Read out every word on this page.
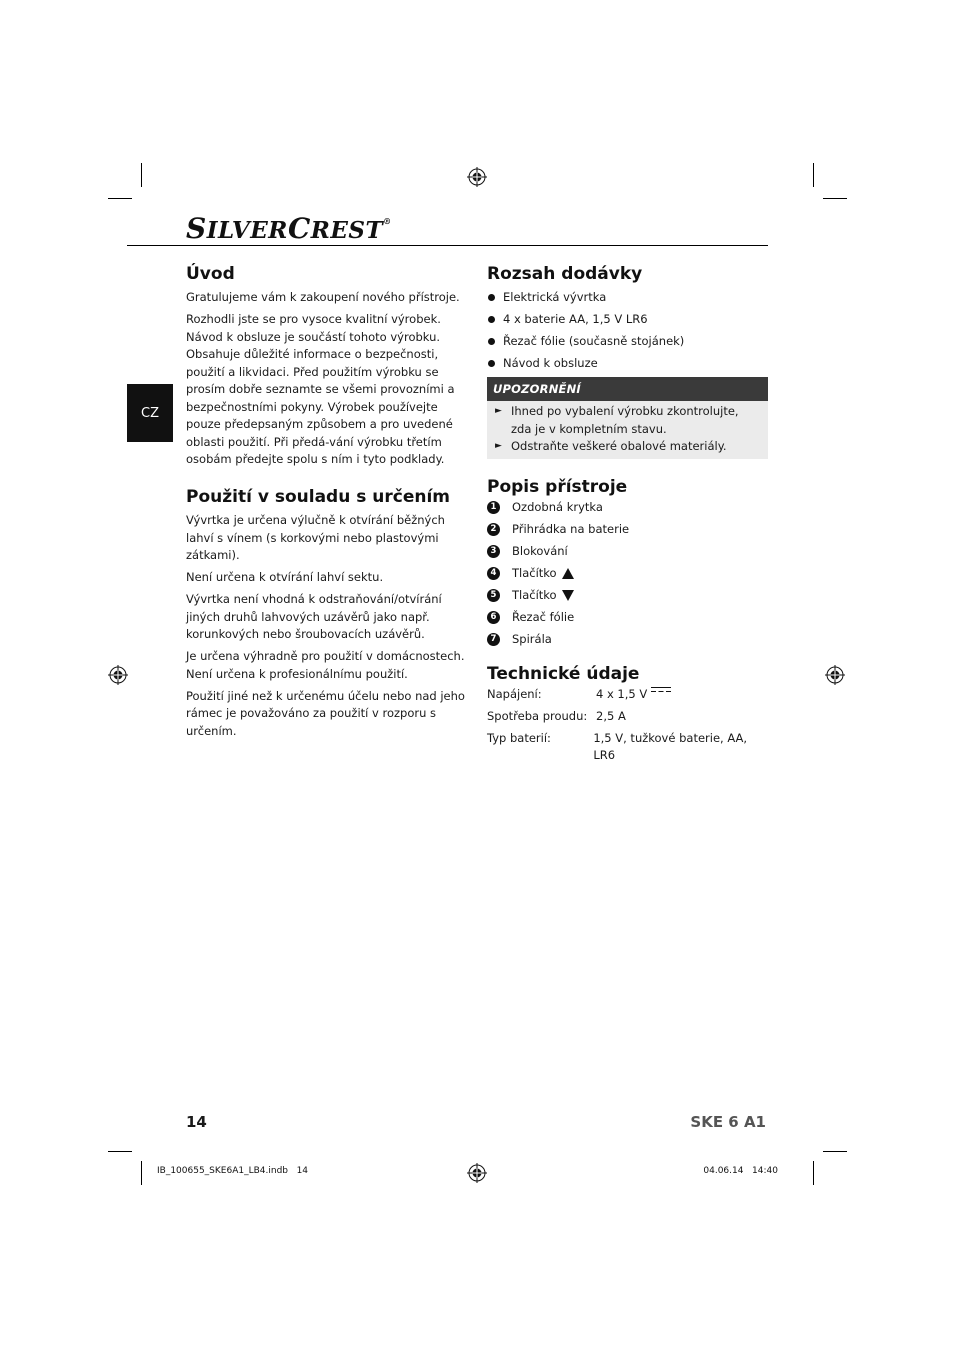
SILVERCREST®
CZ
Úvod

Gratulujeme vám k zakoupení nového přístroje.

Rozhodli jste se pro vysoce kvalitní výrobek. Návod k obsluze je součástí tohoto výrobku. Obsahuje důležité informace o bezpečnosti, použití a likvidaci. Před použitím výrobku se prosím dobře seznamte se všemi provozními a bezpečnostními pokyny. Výrobek používejte pouze předepsaným způsobem a pro uvedené oblasti použití. Při předá-vání výrobku třetím osobám předejte spolu s ním i tyto podklady.

Použití v souladu s určením

Vývrtka je určena výlučně k otvírání běžných lahví s vínem (s korkovými nebo plastovými zátkami).

Není určena k otvírání lahví sektu.

Vývrtka není vhodná k odstraňování/otvírání jiných druhů lahvových uzávěrů jako např. korunkových nebo šroubovacích uzávěrů.

Je určena výhradně pro použití v domácnostech. Není určena k profesionálnímu použití.

Použití jiné než k určenému účelu nebo nad jeho rámec je považováno za použití v rozporu s určením.

Rozsah dodávky
Elektrická vývrtka
4 x baterie AA, 1,5 V LR6
Řezač fólie (současně stojánek)
Návod k obsluze
UPOZORNĚNÍ
► Ihned po vybalení výrobku zkontrolujte, zda je v kompletním stavu.
► Odstraňte veškeré obalové materiály.
Popis přístroje
1	Ozdobná krytka
2	Přihrádka na baterie
3	Blokování
4	Tlačítko
5	Tlačítko
6	Řezač fólie
7	Spirála
Technické údaje
Napájení:	4 x 1,5 V
Spotřeba proudu: 2,5 A
Typ baterií:	1,5 V, tužkové baterie, AA, LR6
14	SKE 6 A1
IB_100655_SKE6A1_LB4.indb   14	04.06.14   14:40
